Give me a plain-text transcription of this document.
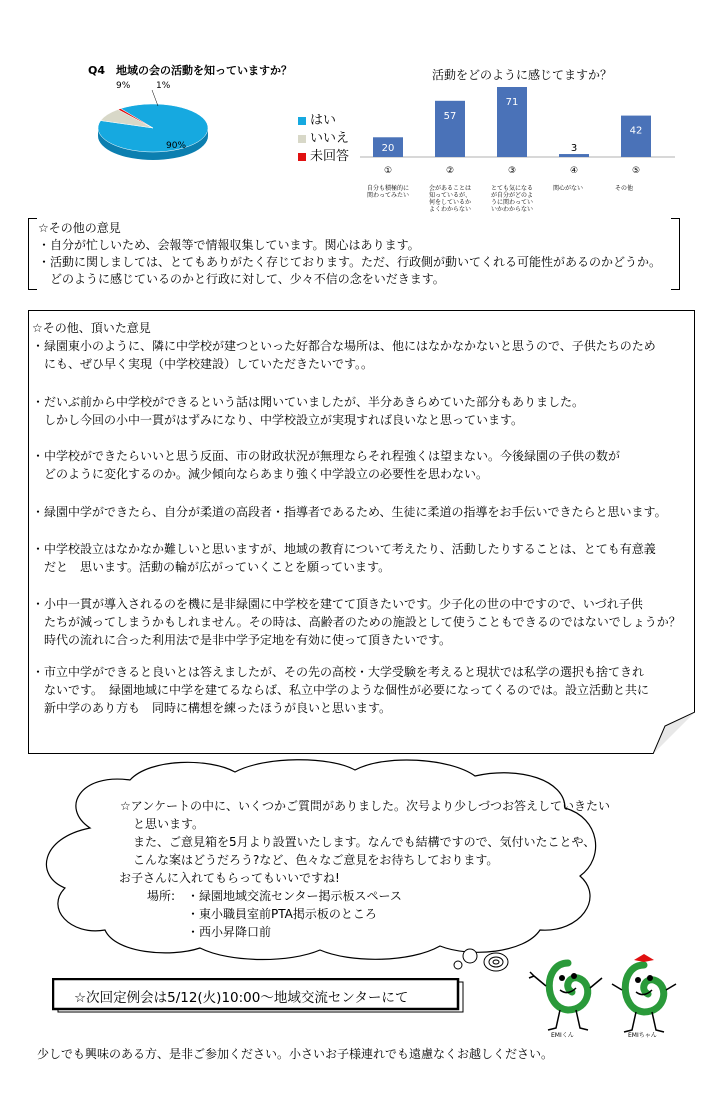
Q4　地域の会の活動を知っていますか？
90%
9%	1%
はい
いいえ
未回答
活動をどのように感じてますか？
20
①
57
②
71
③
3
④
42
⑤
自分も積極的に関わってみたい
会があることは知っているが、何をしているかよくわからない
とても気になるが自分がどのように関わっていいかわからない
関心がない	その他
☆その他の意見
・自分が忙しいため、会報等で情報収集しています。関心はあります。
・活動に関しましては、とてもありがたく存じております。ただ、行政側が動いてくれる可能性があるのかどうか。
　どのように感じているのかと行政に対して、少々不信の念をいだきます。
☆その他、頂いた意見
・緑園東小のように、隣に中学校が建つといった好都合な場所は、他にはなかなかないと思うので、子供たちのため
　にも、ぜひ早く実現（中学校建設）していただきたいです。。
・だいぶ前から中学校ができるという話は聞いていましたが、半分あきらめていた部分もありました。
　しかし今回の小中一貫がはずみになり、中学校設立が実現すれば良いなと思っています。
・中学校ができたらいいと思う反面、市の財政状況が無理ならそれ程強くは望まない。今後緑園の子供の数が
　どのように変化するのか。減少傾向ならあまり強く中学設立の必要性を思わない。
・緑園中学ができたら、自分が柔道の高段者・指導者であるため、生徒に柔道の指導をお手伝いできたらと思います。
・中学校設立はなかなか難しいと思いますが、地域の教育について考えたり、活動したりすることは、とても有意義
　だと　思います。活動の輪が広がっていくことを願っています。
・小中一貫が導入されるのを機に是非緑園に中学校を建てて頂きたいです。少子化の世の中ですので、いづれ子供
　たちが減ってしまうかもしれません。その時は、高齢者のための施設として使うこともできるのではないでしょうか？
　時代の流れに合った利用法で是非中学予定地を有効に使って頂きたいです。
・市立中学ができると良いとは答えましたが、その先の高校・大学受験を考えると現状では私学の選択も捨てきれ
　ないです。　緑園地域に中学を建てるならば、私立中学のような個性が必要になってくるのでは。設立活動と共に
　新中学のあり方も　同時に構想を練ったほうが良いと思います。
☆アンケートの中に、いくつかご質問がありました。次号より少しづつお答えしていきたい
と思います。
また、ご意見箱を5月より設置いたします。なんでも結構ですので、気付いたことや、
こんな案はどうだろう?など、色々なご意見をお待ちしております。
お子さんに入れてもらってもいいですね!
場所: ・緑園地域交流センター掲示板スペース
・東小職員室前PTA掲示板のところ
・西小昇降口前
☆次回定例会は5/12(火)10:00～地域交流センターにて
EMIくん	EMIちゃん
少しでも興味のある方、是非ご参加ください。小さいお子様連れでも遠慮なくお越しください。
